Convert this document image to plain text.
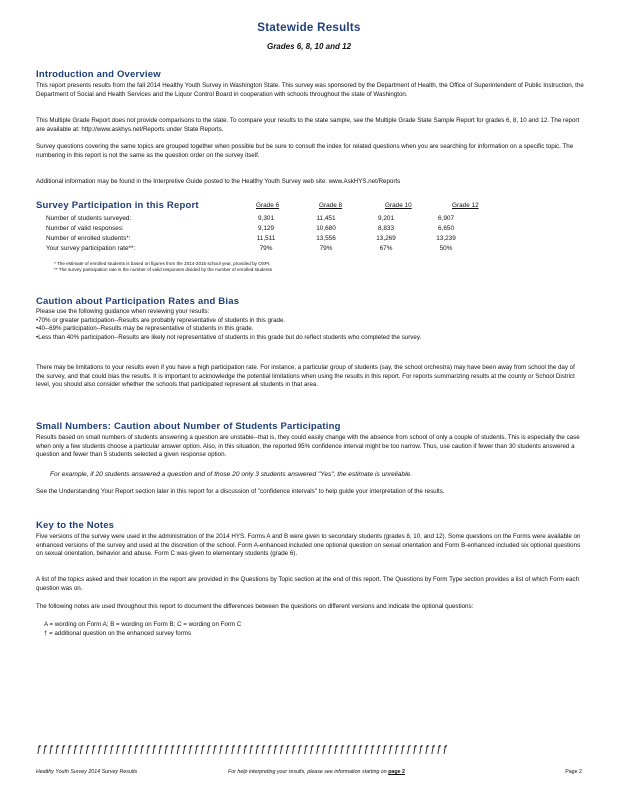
Statewide Results
Grades 6, 8, 10 and 12
Introduction and Overview
This report presents results from the fall 2014 Healthy Youth Survey in Washington State. This survey was sponsored by the Department of Health, the Office of Superintendent of Public Instruction, the Department of Social and Health Services and the Liquor Control Board in cooperation with schools throughout the state of Washington.
This Multiple Grade Report does not provide comparisons to the state. To compare your results to the state sample, see the Multiple Grade State Sample Report for grades 6, 8, 10 and 12. The report are available at: http://www.askhys.net/Reports under State Reports.
Survey questions covering the same topics are grouped together when possible but be sure to consult the index for related questions when you are searching for information on a specific topic. The numbering in this report is not the same as the question order on the survey itself.
Additional information may be found in the Interpretive Guide posted to the Healthy Youth Survey web site: www.AskHYS.net/Reports
Survey Participation in this Report	Grade 6	Grade 8	Grade 10	Grade 12
Number of students surveyed:	9,301	11,451	9,201	6,907
Number of valid responses:	9,129	10,680	8,833	6,650
Number of enrolled students*:	11,511	13,556	13,269	13,239
Your survey participation rate**:	79%	79%	67%	50%
* The estimate of enrolled students is based on figures from the 2014-2015 school year, provided by OSPI.
** The survey participation rate is the number of valid responses divided by the number of enrolled students
Caution about Participation Rates and Bias
Please use the following guidance when reviewing your results:
•70% or greater participation--Results are probably representative of students in this grade.
•40--69% participation--Results may be representative of students in this grade.
•Less than 40% participation--Results are likely not representative of students in this grade but do reflect students who completed the survey.
There may be limitations to your results even if you have a high participation rate. For instance, a particular group of students (say, the school orchestra) may have been away from school the day of the survey, and that could bias the results. It is important to acknowledge the potential limitations when using the results in this report. For reports summarizing results at the county or School District level, you should also consider whether the schools that participated represent all students in that area.
Small Numbers: Caution about Number of Students Participating
Results based on small numbers of students answering a question are unstable--that is, they could easily change with the absence from school of only a couple of students. This is especially the case when only a few students choose a particular answer option. Also, in this situation, the reported 95% confidence interval might be too narrow. Thus, use caution if fewer than 30 students answered a question and fewer than 5 students selected a given response option.
For example, if 20 students answered a question and of those 20 only 3 students answered "Yes", the estimate is unreliable.
See the Understanding Your Report section later in this report for a discussion of "confidence intervals" to help guide your interpretation of the results.
Key to the Notes
Five versions of the survey were used in the administration of the 2014 HYS. Forms A and B were given to secondary students (grades 8, 10, and 12). Some questions on the Forms were available on enhanced versions of the survey and used at the discretion of the school. Form A-enhanced included one optional question on sexual orientation and Form B-enhanced included six optional questions on sexual orientation, behavior and abuse. Form C was given to elementary students (grade 6).
A list of the topics asked and their location in the report are provided in the Questions by Topic section at the end of this report. The Questions by Form Type section provides a list of which Form each question was on.
The following notes are used throughout this report to document the differences between the questions on different versions and indicate the optional questions:
A = wording on Form A; B = wording on Form B; C = wording on Form C
† = additional question on the enhanced survey forms
ƒƒƒƒƒƒƒƒƒƒƒƒƒƒƒƒƒƒƒƒƒƒƒƒƒƒƒƒƒƒƒƒƒƒƒƒƒƒƒƒƒƒƒƒƒƒƒƒƒƒƒƒƒƒƒƒƒƒƒƒƒƒƒƒƒƒƒƒ
Healthy Youth Survey 2014 Survey Results	For help interpreting your results, please see information starting on page 2	Page 2
